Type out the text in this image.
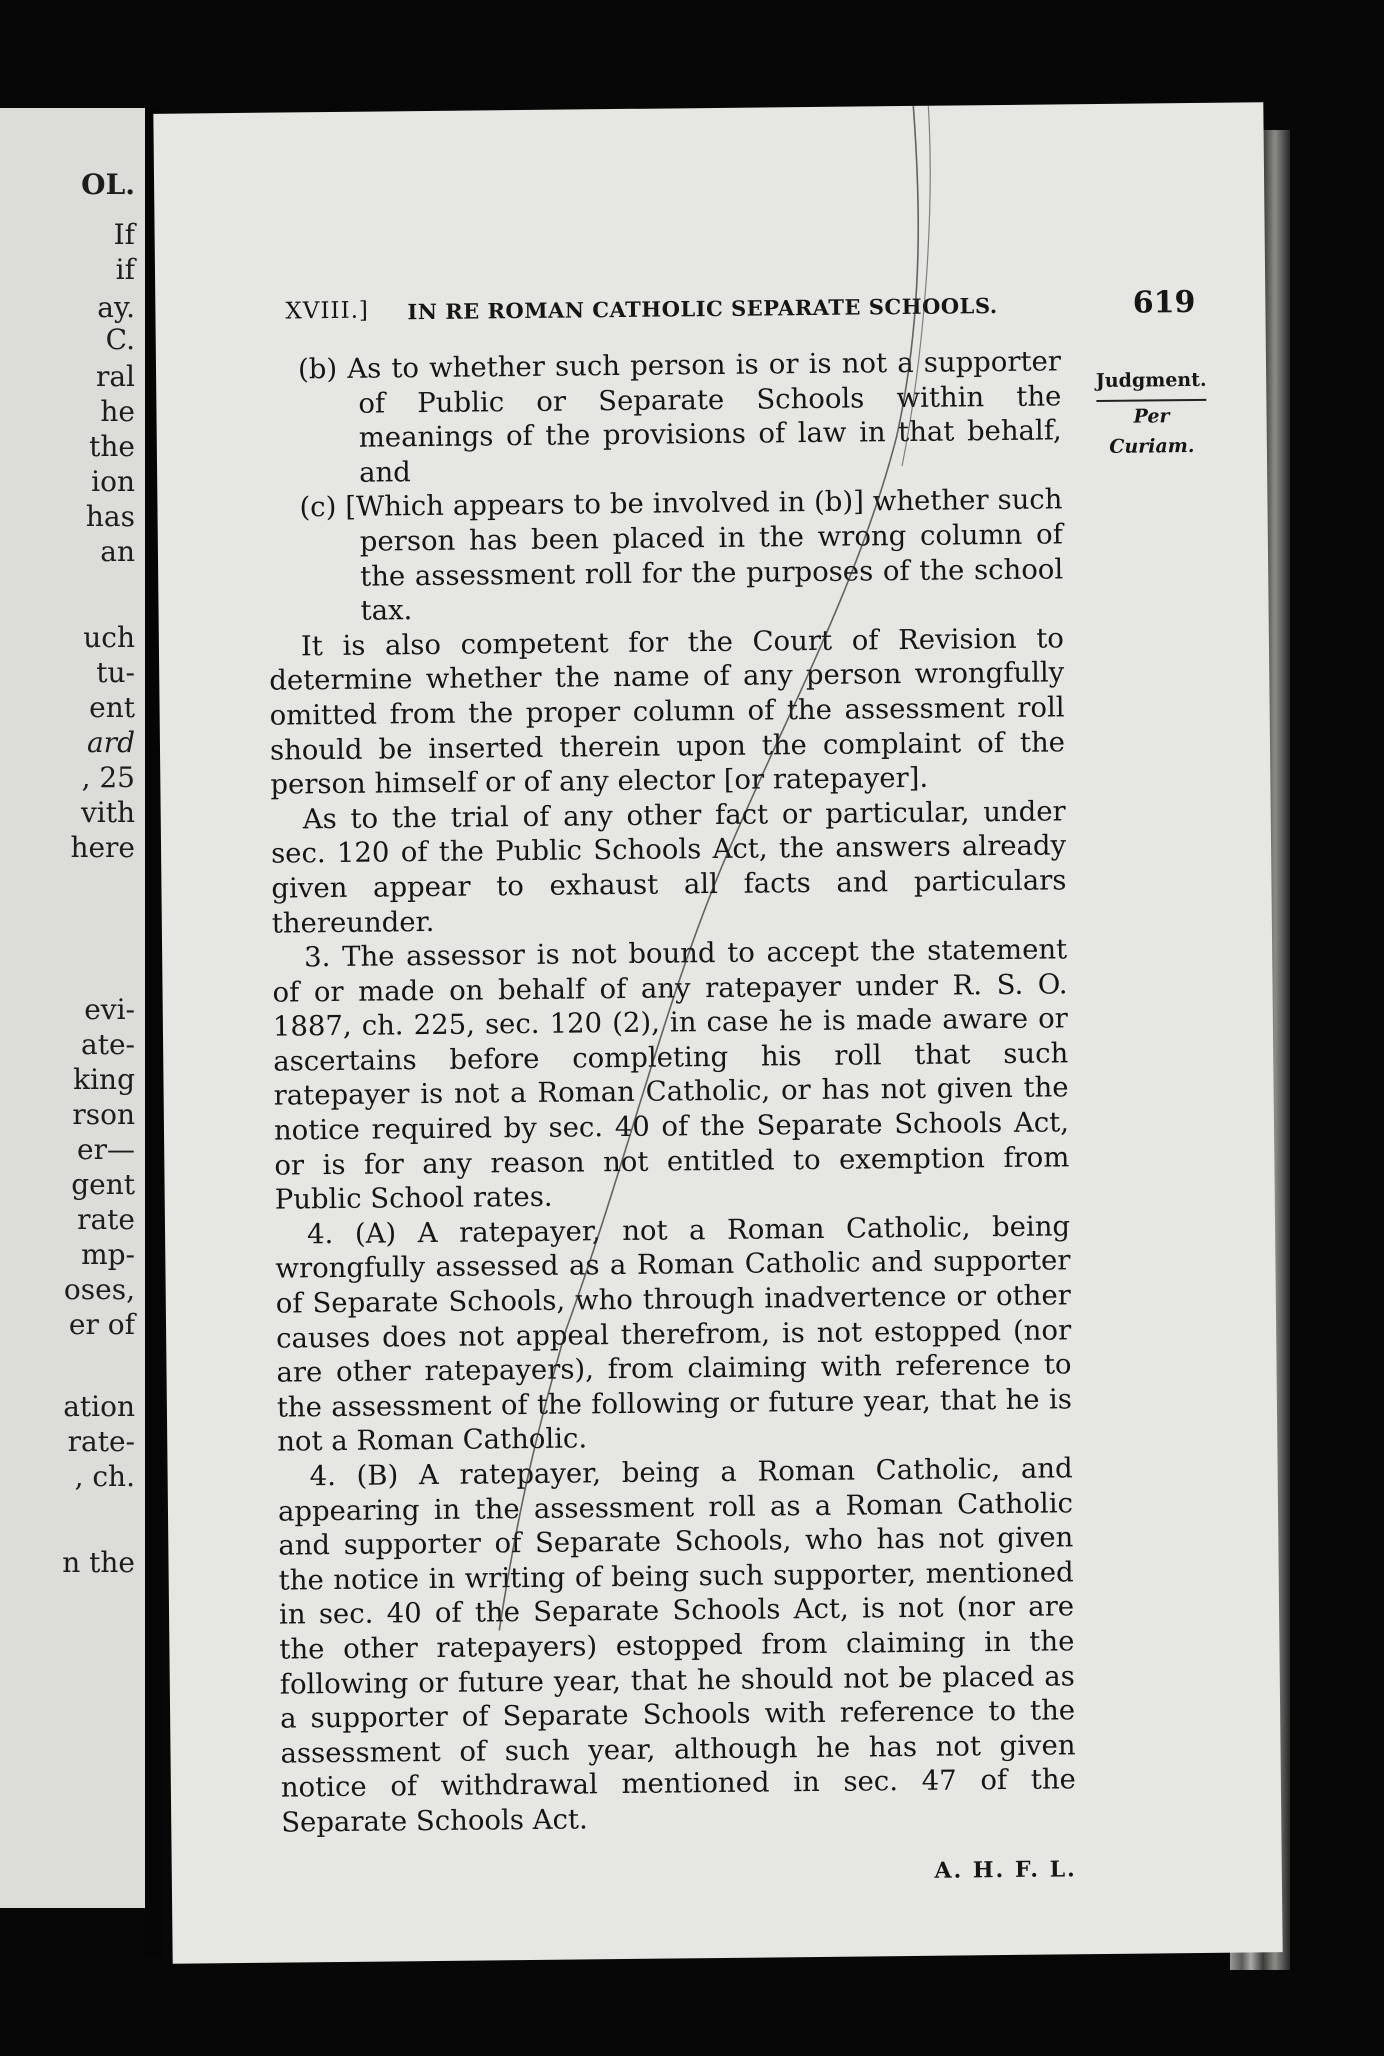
OL.
If
if
ay.
C.
ral
he
the
ion
has
an
uch
tu-
ent
ard
, 25
vith
here
evi-
ate-
king
rson
er—
gent
rate
mp-
oses,
er of
ation
rate-
, ch.
n the
XVIII.] IN RE ROMAN CATHOLIC SEPARATE SCHOOLS.	619
Judgment.
Per Curiam.

(b) As to whether such person is or is not a supporter of Public or Separate Schools within the meanings of the provisions of law in that behalf, and

(c) [Which appears to be involved in (b)] whether such person has been placed in the wrong column of the assessment roll for the purposes of the school tax.

It is also competent for the Court of Revision to determine whether the name of any person wrongfully omitted from the proper column of the assessment roll should be inserted therein upon the complaint of the person himself or of any elector [or ratepayer].

As to the trial of any other fact or particular, under sec. 120 of the Public Schools Act, the answers already given appear to exhaust all facts and particulars thereunder.

3. The assessor is not bound to accept the statement of or made on behalf of any ratepayer under R. S. O. 1887, ch. 225, sec. 120 (2), in case he is made aware or ascertains before completing his roll that such ratepayer is not a Roman Catholic, or has not given the notice required by sec. 40 of the Separate Schools Act, or is for any reason not entitled to exemption from Public School rates.

4. (A) A ratepayer, not a Roman Catholic, being wrongfully assessed as a Roman Catholic and supporter of Separate Schools, who through inadvertence or other causes does not appeal therefrom, is not estopped (nor are other ratepayers), from claiming with reference to the assessment of the following or future year, that he is not a Roman Catholic.

4. (B) A ratepayer, being a Roman Catholic, and appearing in the assessment roll as a Roman Catholic and supporter of Separate Schools, who has not given the notice in writing of being such supporter, mentioned in sec. 40 of the Separate Schools Act, is not (nor are the other ratepayers) estopped from claiming in the following or future year, that he should not be placed as a supporter of Separate Schools with reference to the assessment of such year, although he has not given notice of withdrawal mentioned in sec. 47 of the Separate Schools Act.

A. H. F. L.
